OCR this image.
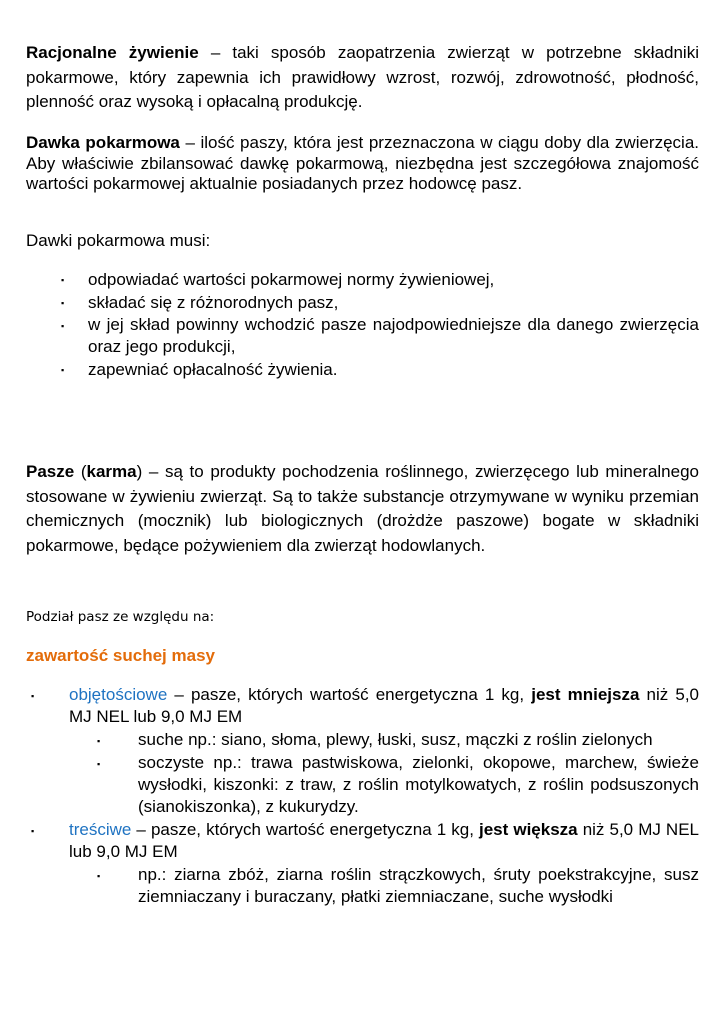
Racjonalne żywienie – taki sposób zaopatrzenia zwierząt w potrzebne składniki pokarmowe, który zapewnia ich prawidłowy wzrost, rozwój, zdrowotność, płodność, plenność oraz wysoką i opłacalną produkcję.

Dawka pokarmowa – ilość paszy, która jest przeznaczona w ciągu doby dla zwierzęcia. Aby właściwie zbilansować dawkę pokarmową, niezbędna jest szczegółowa znajomość wartości pokarmowej aktualnie posiadanych przez hodowcę pasz.

Dawki pokarmowa musi:

▪ odpowiadać wartości pokarmowej normy żywieniowej,
▪ składać się z różnorodnych pasz,
▪ w jej skład powinny wchodzić pasze najodpowiedniejsze dla danego zwierzęcia oraz jego produkcji,
▪ zapewniać opłacalność żywienia.

Pasze (karma) – są to produkty pochodzenia roślinnego, zwierzęcego lub mineralnego stosowane w żywieniu zwierząt. Są to także substancje otrzymywane w wyniku przemian chemicznych (mocznik) lub biologicznych (drożdże paszowe) bogate w składniki pokarmowe, będące pożywieniem dla zwierząt hodowlanych.

Podział pasz ze względu na:

zawartość suchej masy

▪ objętościowe – pasze, których wartość energetyczna 1 kg, jest mniejsza niż 5,0 MJ NEL lub 9,0 MJ EM
▪ suche np.: siano, słoma, plewy, łuski, susz, mączki z roślin zielonych
▪ soczyste np.: trawa pastwiskowa, zielonki, okopowe, marchew, świeże wysłodki, kiszonki: z traw, z roślin motylkowatych, z roślin podsuszonych (sianokiszonka), z kukurydzy.
▪ treściwe – pasze, których wartość energetyczna 1 kg, jest większa niż 5,0 MJ NEL lub 9,0 MJ EM
▪ np.: ziarna zbóż, ziarna roślin strączkowych, śruty poekstrakcyjne, susz ziemniaczany i buraczany, płatki ziemniaczane, suche wysłodki
